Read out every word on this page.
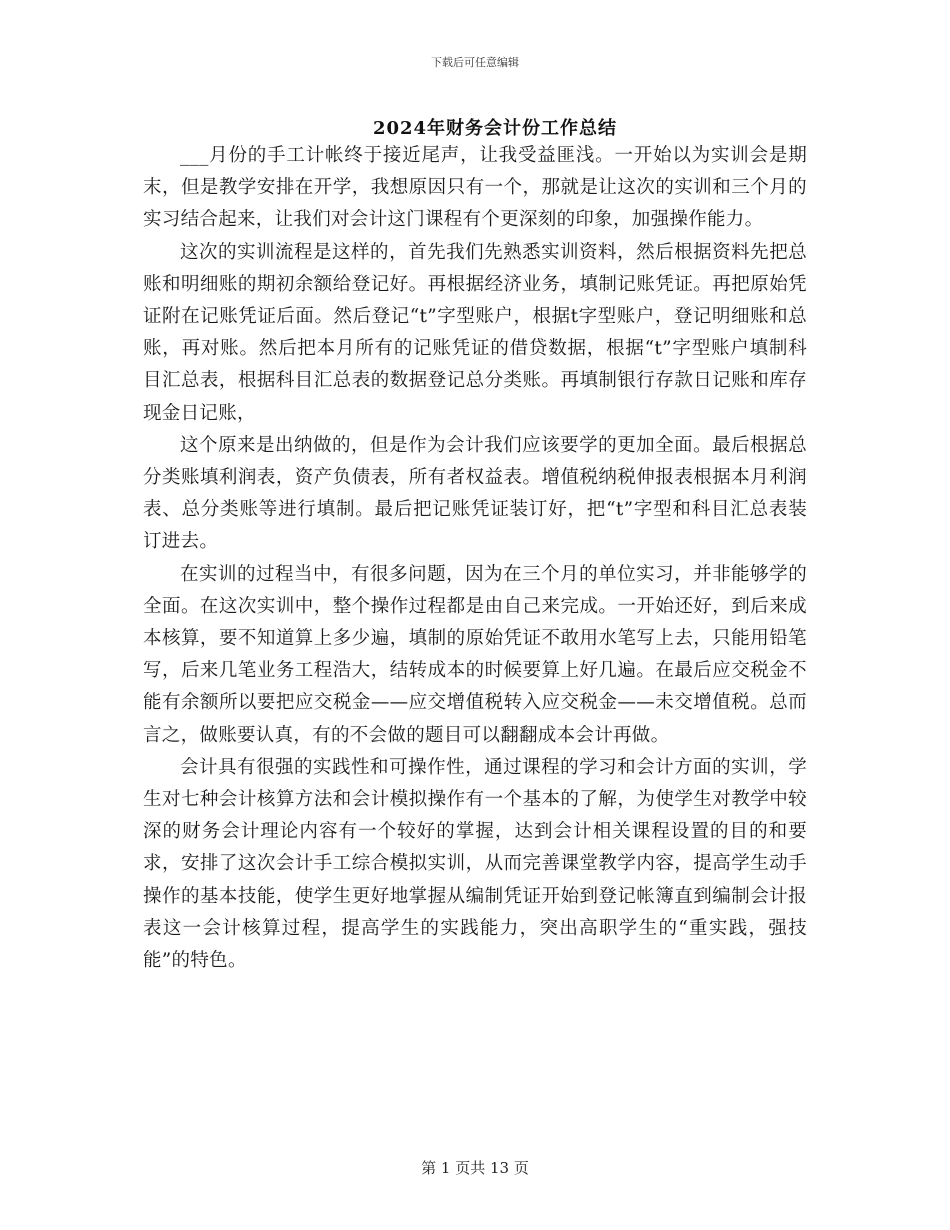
下载后可任意编辑
2024年财务会计份工作总结

___月份的手工计帐终于接近尾声，让我受益匪浅。一开始以为实训会是期末，但是教学安排在开学，我想原因只有一个，那就是让这次的实训和三个月的实习结合起来，让我们对会计这门课程有个更深刻的印象，加强操作能力。

这次的实训流程是这样的，首先我们先熟悉实训资料，然后根据资料先把总账和明细账的期初余额给登记好。再根据经济业务，填制记账凭证。再把原始凭证附在记账凭证后面。然后登记“t”字型账户，根据t字型账户，登记明细账和总账，再对账。然后把本月所有的记账凭证的借贷数据，根据“t”字型账户填制科目汇总表，根据科目汇总表的数据登记总分类账。再填制银行存款日记账和库存现金日记账，

这个原来是出纳做的，但是作为会计我们应该要学的更加全面。最后根据总分类账填利润表，资产负债表，所有者权益表。增值税纳税伸报表根据本月利润表、总分类账等进行填制。最后把记账凭证装订好，把“t”字型和科目汇总表装订进去。

在实训的过程当中，有很多问题，因为在三个月的单位实习，并非能够学的全面。在这次实训中，整个操作过程都是由自己来完成。一开始还好，到后来成本核算，要不知道算上多少遍，填制的原始凭证不敢用水笔写上去，只能用铅笔写，后来几笔业务工程浩大，结转成本的时候要算上好几遍。在最后应交税金不能有余额所以要把应交税金——应交增值税转入应交税金——未交增值税。总而言之，做账要认真，有的不会做的题目可以翻翻成本会计再做。

会计具有很强的实践性和可操作性，通过课程的学习和会计方面的实训，学生对七种会计核算方法和会计模拟操作有一个基本的了解，为使学生对教学中较深的财务会计理论内容有一个较好的掌握，达到会计相关课程设置的目的和要求，安排了这次会计手工综合模拟实训，从而完善课堂教学内容，提高学生动手操作的基本技能，使学生更好地掌握从编制凭证开始到登记帐簿直到编制会计报表这一会计核算过程，提高学生的实践能力，突出高职学生的“重实践，强技能”的特色。

第 1 页共 13 页
